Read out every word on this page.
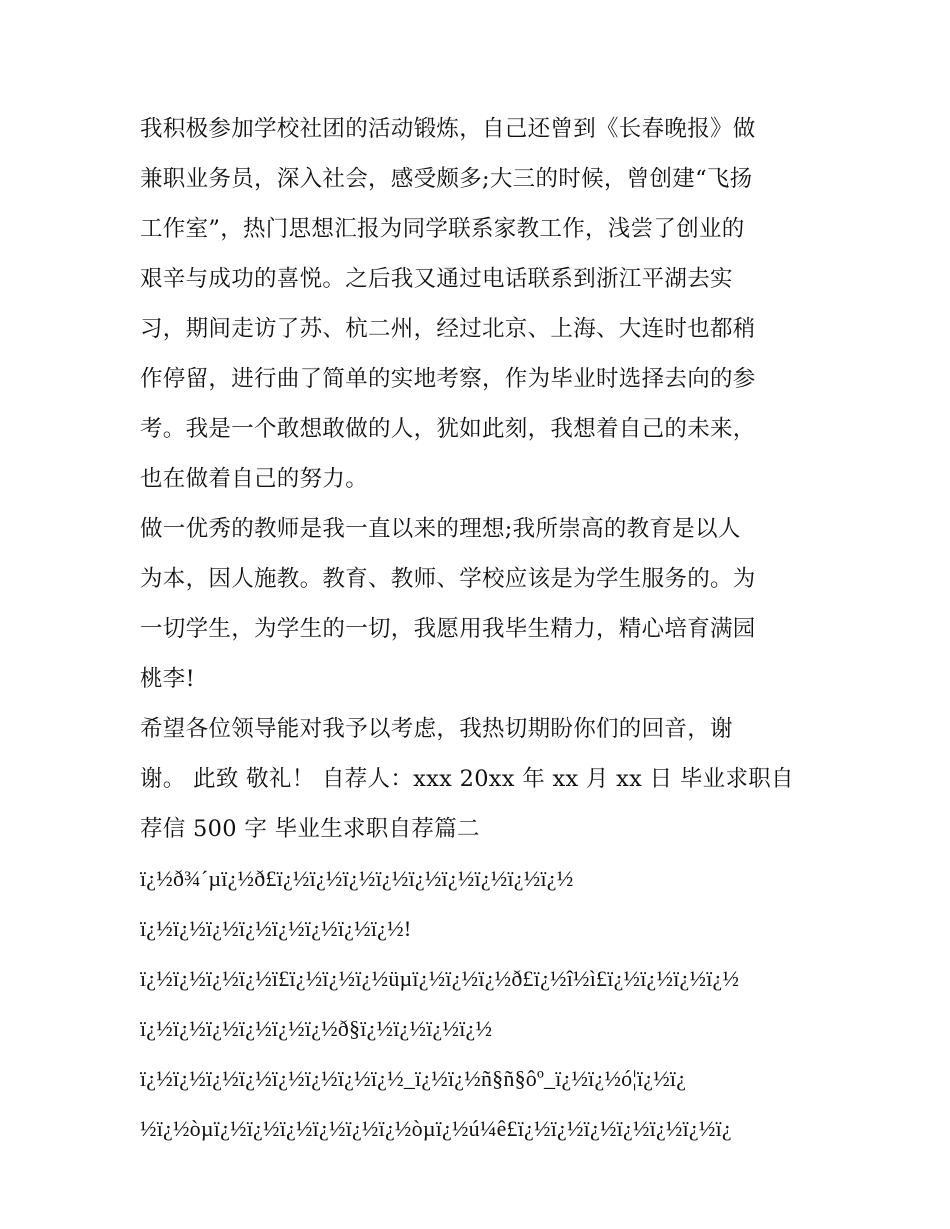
我积极参加学校社团的活动锻炼，自己还曾到《长春晚报》做
兼职业务员，深入社会，感受颇多;大三的时候，曾创建“飞扬
工作室”，热门思想汇报为同学联系家教工作，浅尝了创业的
艰辛与成功的喜悦。之后我又通过电话联系到浙江平湖去实
习，期间走访了苏、杭二州，经过北京、上海、大连时也都稍
作停留，进行曲了简单的实地考察，作为毕业时选择去向的参
考。我是一个敢想敢做的人，犹如此刻，我想着自己的未来，
也在做着自己的努力。
做一优秀的教师是我一直以来的理想;我所崇高的教育是以人
为本，因人施教。教育、教师、学校应该是为学生服务的。为
一切学生，为学生的一切，我愿用我毕生精力，精心培育满园
桃李!
希望各位领导能对我予以考虑，我热切期盼你们的回音，谢
谢。 此致 敬礼！ 自荐人：xxx 20xx 年 xx 月 xx 日 毕业求职自
荐信 500 字 毕业生求职自荐篇二
ï¿½ð¾´µï¿½ð£ï¿½ï¿½ï¿½ï¿½ï¿½ï¿½ï¿½ï¿½ï¿½
ï¿½ï¿½ï¿½ï¿½ï¿½ï¿½ï¿½ï¿½!
ï¿½ï¿½ï¿½ï¿½ï£ï¿½ï¿½ï¿½üµï¿½ï¿½ï¿½ð£ï¿½î½ì£ï¿½ï¿½ï¿½ï¿½
ï¿½ï¿½ï¿½ï¿½ï¿½ï¿½ð§ï¿½ï¿½ï¿½ï¿½
ï¿½ï¿½ï¿½ï¿½ï¿½ï¿½ï¿½ï¿½_ï¿½ï¿½ñ§ñ§ôº_ï¿½ï¿½ó¦ï¿½ï¿
½ï¿½òµï¿½ï¿½ï¿½ï¿½ï¿½ï¿½òµï¿½ú¼ê£ï¿½ï¿½ï¿½ï¿½ï¿½ï¿½ï¿
